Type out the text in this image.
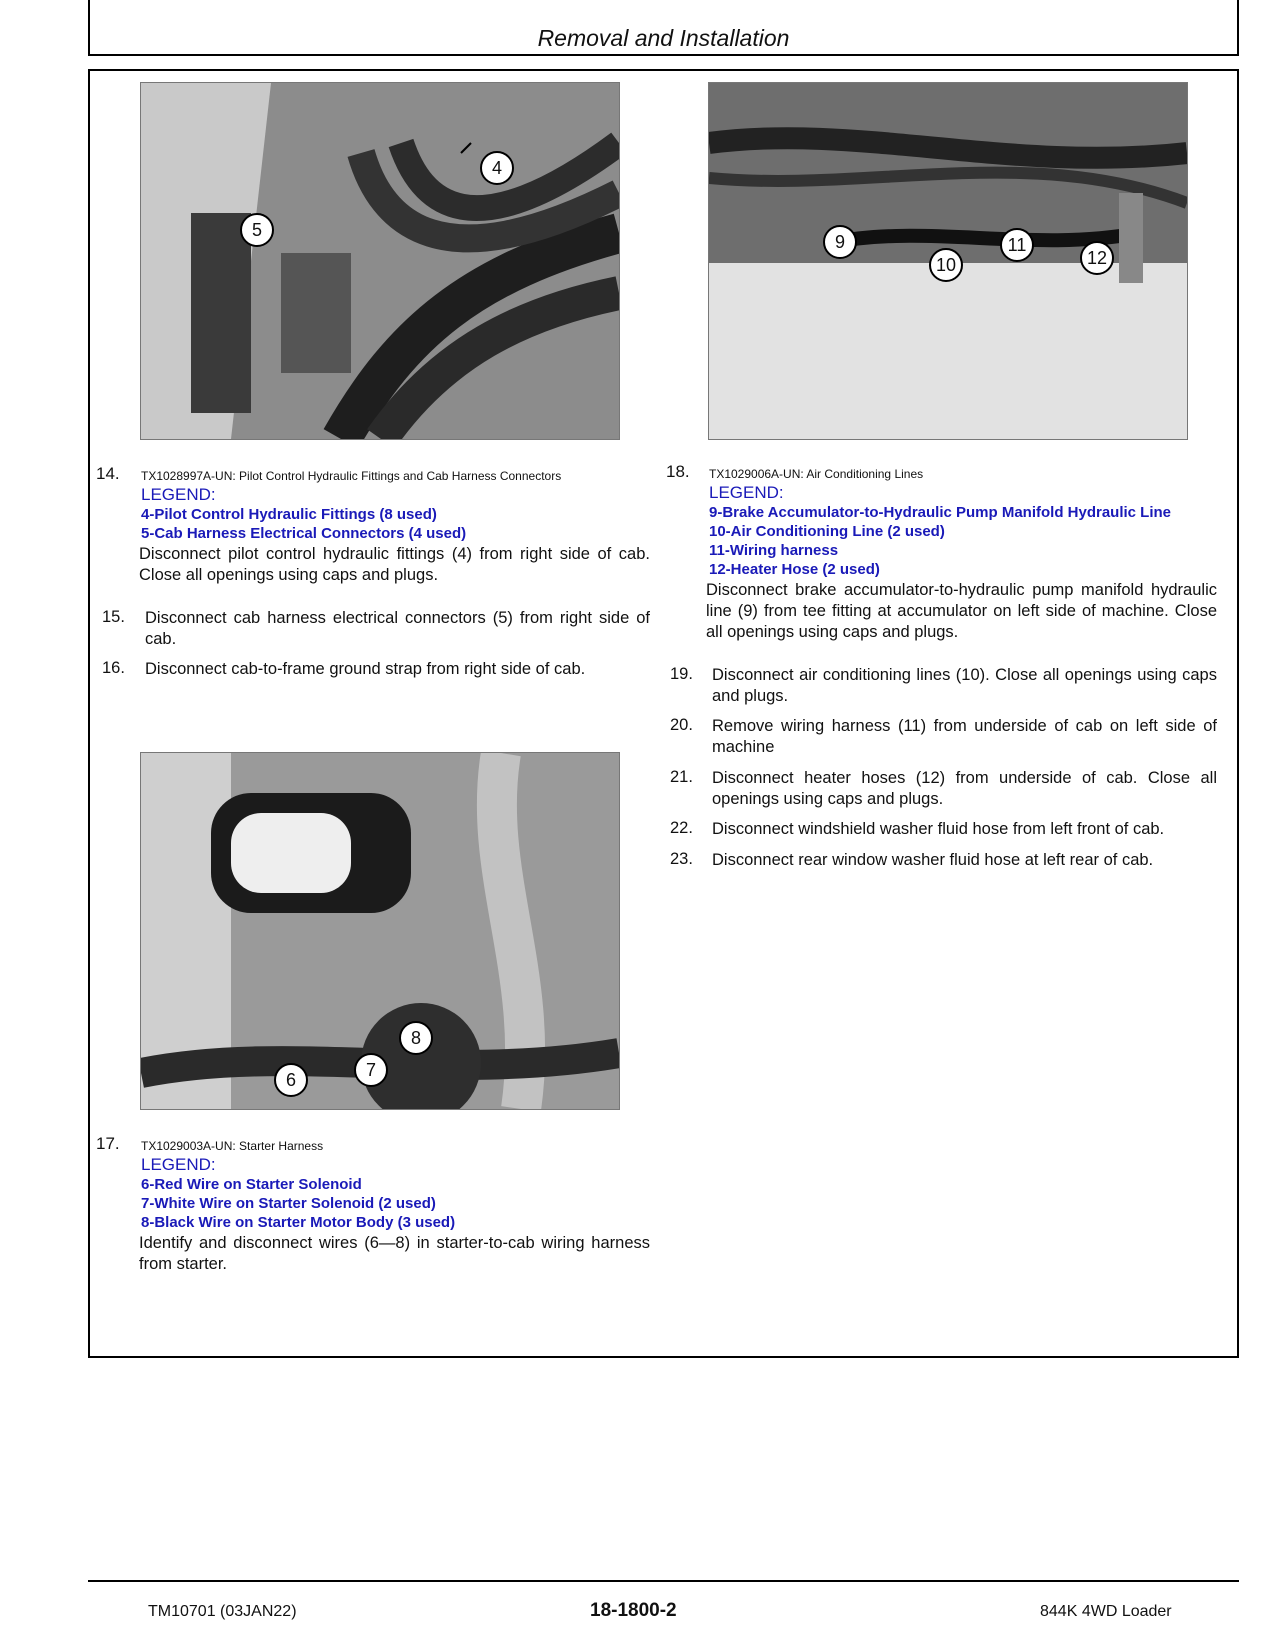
Removal and Installation
4
5
9
10
11
12
6	7
8
14. TX1028997A-UN: Pilot Control Hydraulic Fittings and Cab Harness Connectors
LEGEND:
4-Pilot Control Hydraulic Fittings (8 used)
5-Cab Harness Electrical Connectors (4 used)
Disconnect pilot control hydraulic fittings (4) from right side of cab. Close all openings using caps and plugs.
15. Disconnect cab harness electrical connectors (5) from right side of cab.
16. Disconnect cab-to-frame ground strap from right side of cab.
18. TX1029006A-UN: Air Conditioning Lines
LEGEND:
9-Brake Accumulator-to-Hydraulic Pump Manifold Hydraulic Line
10-Air Conditioning Line (2 used)
11-Wiring harness
12-Heater Hose (2 used)
Disconnect brake accumulator-to-hydraulic pump manifold hydraulic line (9) from tee fitting at accumulator on left side of machine. Close all openings using caps and plugs.
19. Disconnect air conditioning lines (10). Close all openings using caps and plugs.
20. Remove wiring harness (11) from underside of cab on left side of machine
21. Disconnect heater hoses (12) from underside of cab. Close all openings using caps and plugs.
22. Disconnect windshield washer fluid hose from left front of cab.
23. Disconnect rear window washer fluid hose at left rear of cab.
17. TX1029003A-UN: Starter Harness
LEGEND:
6-Red Wire on Starter Solenoid
7-White Wire on Starter Solenoid (2 used)
8-Black Wire on Starter Motor Body (3 used)
Identify and disconnect wires (6—8) in starter-to-cab wiring harness from starter.
TM10701 (03JAN22)	18-1800-2	844K 4WD Loader
